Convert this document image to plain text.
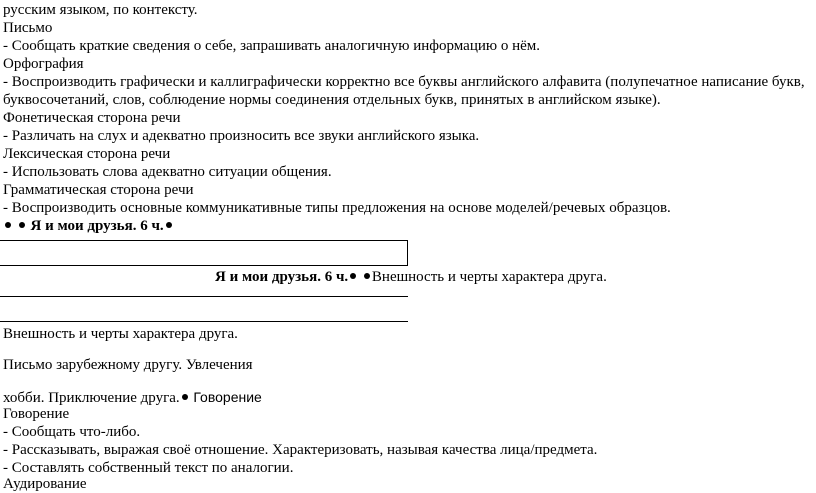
русским языком, по контексту.
Письмо
- Сообщать краткие сведения о себе, запрашивать аналогичную информацию о нём.
Орфография
- Воспроизводить графически и каллиграфически корректно все буквы английского алфавита (полупечатное написание букв,
буквосочетаний, слов, соблюдение нормы соединения отдельных букв, принятых в английском языке).
Фонетическая сторона речи
- Различать на слух и адекватно произносить все звуки английского языка.
Лексическая сторона речи
- Использовать слова адекватно ситуации общения.
Грамматическая сторона речи
- Воспроизводить основные коммуникативные типы предложения на основе моделей/речевых образцов.
Я и мои друзья. 6 ч.
Я и мои друзья. 6 ч. Внешность и черты характера друга.
Внешность и черты характера друга.
Письмо зарубежному другу. Увлечения
хобби. Приключение друга. Говорение
Говорение
- Сообщать что-либо.
- Рассказывать, выражая своё отношение. Характеризовать, называя качества лица/предмета.
- Составлять собственный текст по аналогии.
Аудирование
